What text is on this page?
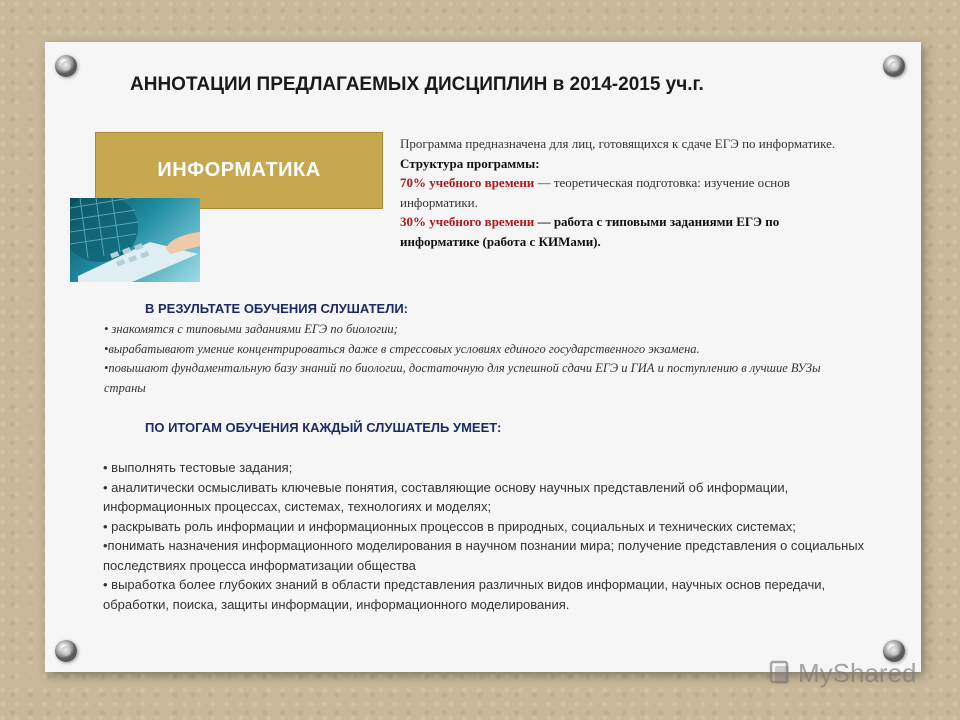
АННОТАЦИИ ПРЕДЛАГАЕМЫХ ДИСЦИПЛИН в 2014-2015 уч.г.
ИНФОРМАТИКА

Программа предназначена для лиц, готовящихся к сдаче ЕГЭ по информатике.

Структура программы:

70% учебного времени — теоретическая подготовка: изучение основ информатики.

30% учебного времени — работа с типовыми заданиями ЕГЭ по информатике (работа с КИМами).

В РЕЗУЛЬТАТЕ ОБУЧЕНИЯ СЛУШАТЕЛИ:
• знакомятся с типовыми заданиями ЕГЭ по биологии;
•вырабатывают умение концентрироваться даже в стрессовых условиях единого государственного экзамена.
•повышают фундаментальную базу знаний по биологии, достаточную для успешной сдачи ЕГЭ и ГИА и поступлению в лучшие ВУЗы страны
ПО ИТОГАМ ОБУЧЕНИЯ КАЖДЫЙ СЛУШАТЕЛЬ УМЕЕТ:
• выполнять тестовые задания;
• аналитически осмысливать ключевые понятия, составляющие основу научных представлений об информации, информационных процессах, системах, технологиях и моделях;
• раскрывать роль информации и информационных процессов в природных, социальных и технических системах;
•понимать назначения информационного моделирования в научном познании мира; получение представления о социальных последствиях процесса информатизации общества
• выработка более глубоких знаний в области представления различных видов информации, научных основ передачи, обработки, поиска, защиты информации, информационного моделирования.
MyShared
